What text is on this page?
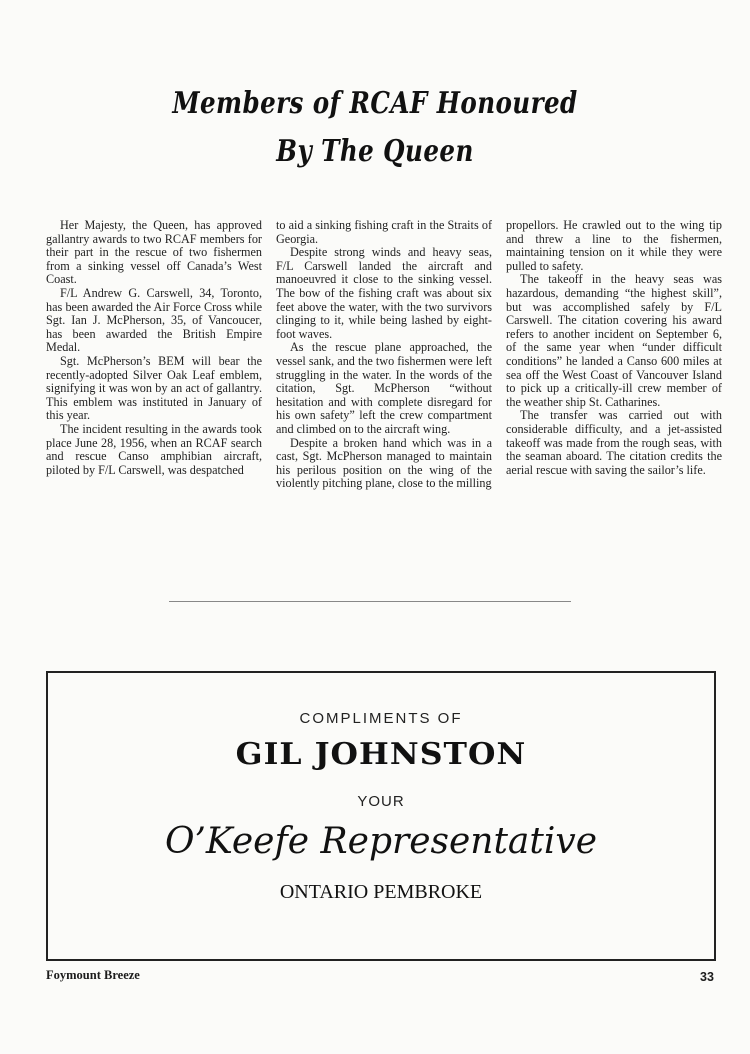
Members of RCAF Honoured
By The Queen

Her Majesty, the Queen, has approved gallantry awards to two RCAF members for their part in the rescue of two fishermen from a sinking vessel off Canada’s West Coast.

F/L Andrew G. Carswell, 34, Toronto, has been awarded the Air Force Cross while Sgt. Ian J. McPherson, 35, of Vancoucer, has been awarded the British Empire Medal.

Sgt. McPherson’s BEM will bear the recently-adopted Silver Oak Leaf emblem, signifying it was won by an act of gallantry. This emblem was instituted in January of this year.

The incident resulting in the awards took place June 28, 1956, when an RCAF search and rescue Canso amphibian aircraft, piloted by F/L Carswell, was despatched

to aid a sinking fishing craft in the Straits of Georgia.

Despite strong winds and heavy seas, F/L Carswell landed the aircraft and manoeuvred it close to the sinking vessel. The bow of the fishing craft was about six feet above the water, with the two survivors clinging to it, while being lashed by eight-foot waves.

As the rescue plane approached, the vessel sank, and the two fishermen were left struggling in the water. In the words of the citation, Sgt. McPherson “without hesitation and with complete disregard for his own safety” left the crew compartment and climbed on to the aircraft wing.

Despite a broken hand which was in a cast, Sgt. McPherson managed to maintain his perilous position on the wing of the violently pitching plane, close to the milling

propellors. He crawled out to the wing tip and threw a line to the fishermen, maintaining tension on it while they were pulled to safety.

The takeoff in the heavy seas was hazardous, demanding “the highest skill”, but was accomplished safely by F/L Carswell. The citation covering his award refers to another incident on September 6, of the same year when “under difficult conditions” he landed a Canso 600 miles at sea off the West Coast of Vancouver Island to pick up a critically-ill crew member of the weather ship St. Catharines.

The transfer was carried out with considerable difficulty, and a jet-assisted takeoff was made from the rough seas, with the seaman aboard. The citation credits the aerial rescue with saving the sailor’s life.

COMPLIMENTS OF
GIL JOHNSTON
YOUR
O’Keefe Representative
ONTARIO PEMBROKE
Foymount Breeze	33
